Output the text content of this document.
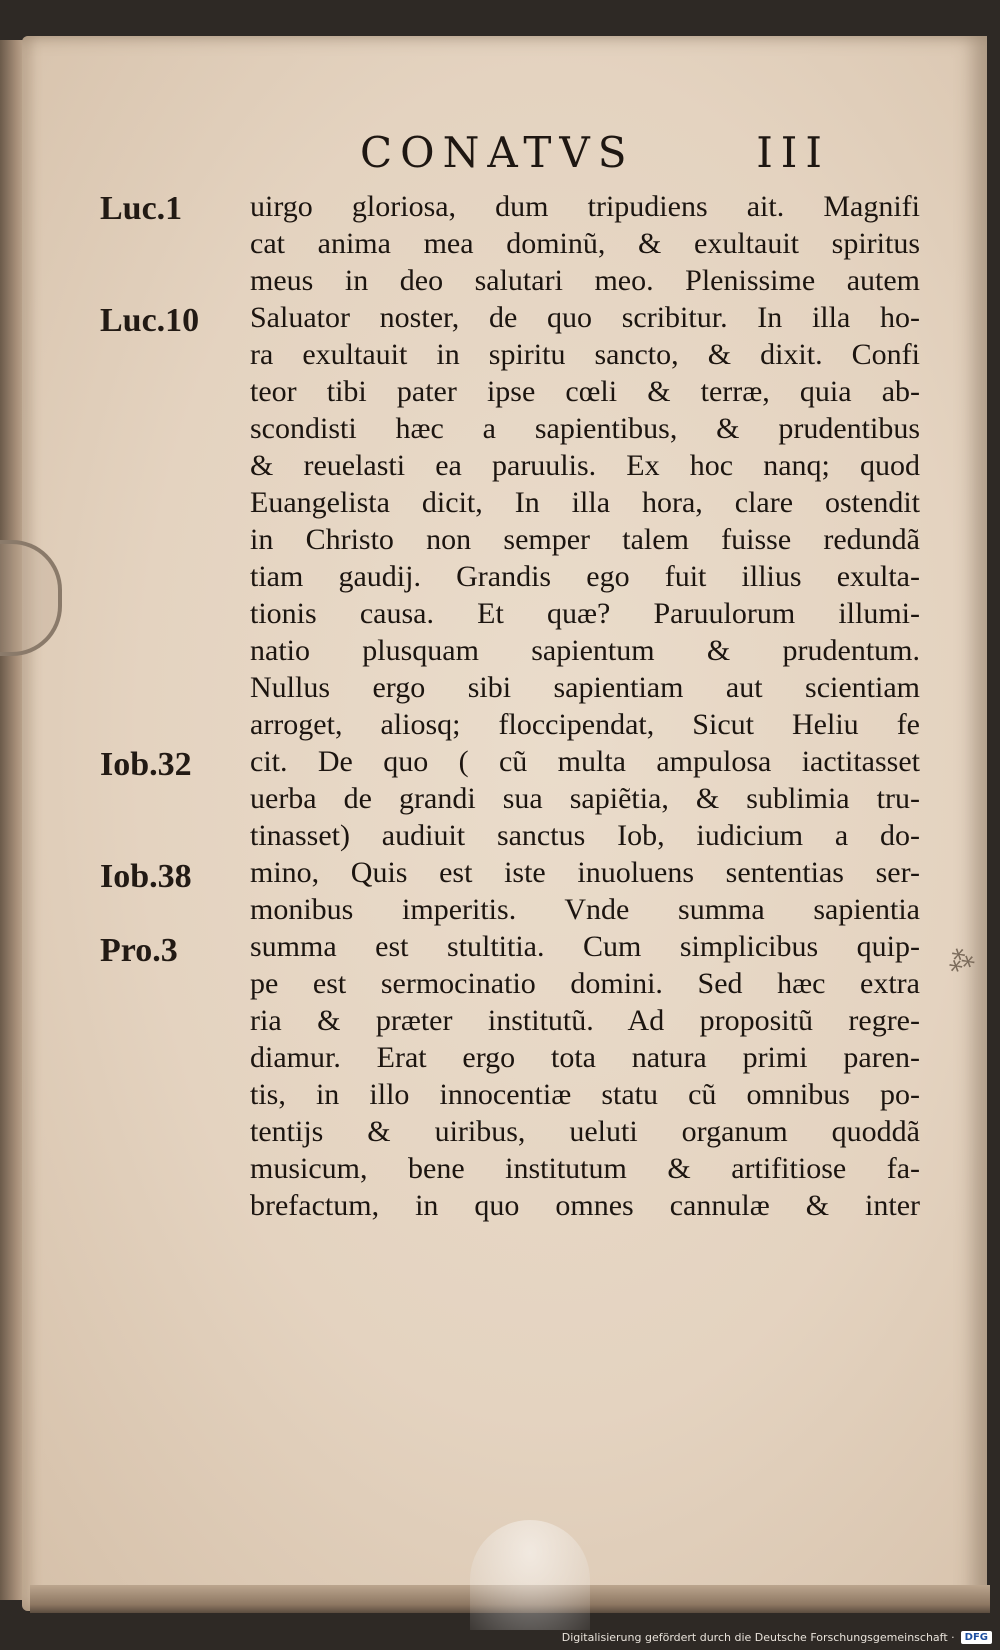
CONATVS	III
Luc.1
Luc.10
Iob.32
Iob.38
Pro.3
uirgo gloriosa, dum tripudiens ait. Magnifi
cat anima mea dominũ, & exultauit spiritus
meus in deo salutari meo. Plenissime autem
Saluator noster, de quo scribitur. In illa ho-
ra exultauit in spiritu sancto, & dixit. Confi
teor tibi pater ipse cœli & terræ, quia ab-
scondisti hæc a sapientibus, & prudentibus
& reuelasti ea paruulis. Ex hoc nanq; quod
Euangelista dicit, In illa hora, clare ostendit
in Christo non semper talem fuisse redundã
tiam gaudij. Grandis ego fuit illius exulta-
tionis causa. Et quæ? Paruulorum illumi-
natio plusquam sapientum & prudentum.
Nullus ergo sibi sapientiam aut scientiam
arroget, aliosq; floccipendat, Sicut Heliu fe
cit. De quo ( cũ multa ampulosa iactitasset
uerba de grandi sua sapiẽtia, & sublimia tru-
tinasset) audiuit sanctus Iob, iudicium a do-
mino, Quis est iste inuoluens sententias ser-
monibus imperitis. Vnde summa sapientia
summa est stultitia. Cum simplicibus quip-
pe est sermocinatio domini. Sed hæc extra
ria & præter institutũ. Ad propositũ regre-
diamur. Erat ergo tota natura primi paren-
tis, in illo innocentiæ statu cũ omnibus po-
tentijs & uiribus, ueluti organum quoddã
musicum, bene institutum & artifitiose fa-
brefactum, in quo omnes cannulæ & inter
⁂
Digitalisierung gefördert durch die Deutsche Forschungsgemeinschaft ·	DFG
